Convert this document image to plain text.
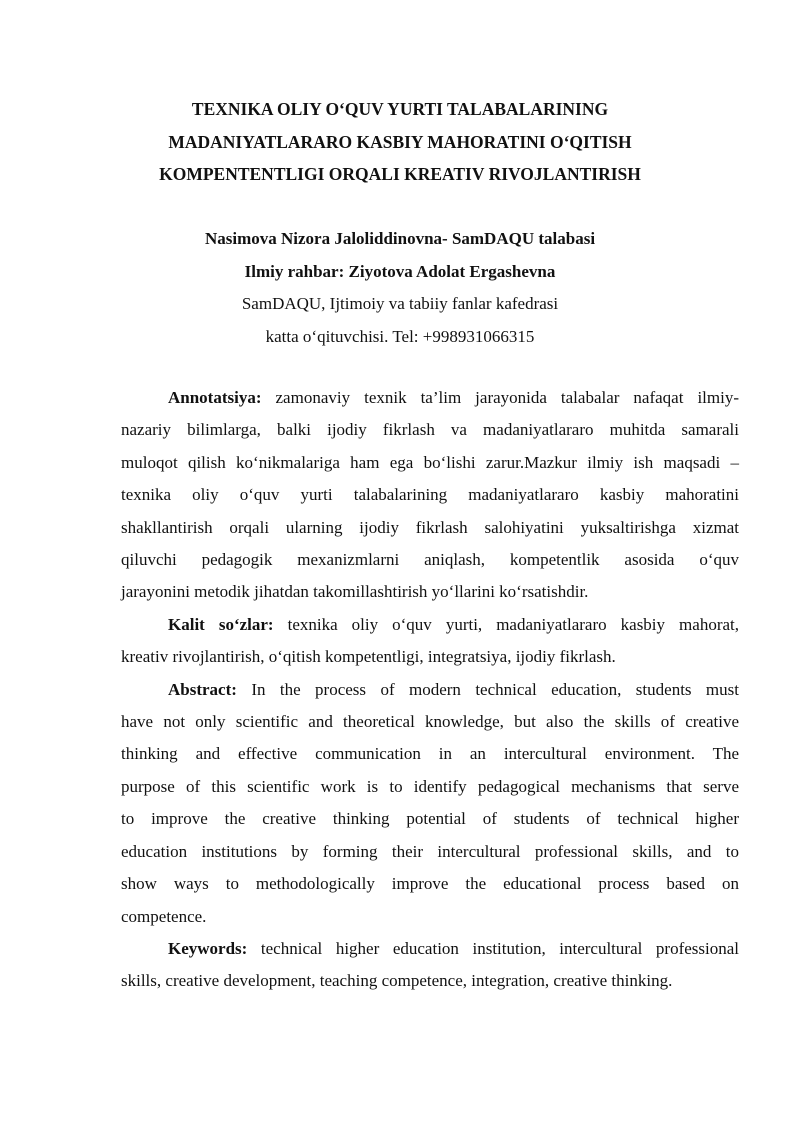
TEXNIKA OLIY O‘QUV YURTI TALABALARINING
MADANIYATLARARO KASBIY MAHORATINI O‘QITISH
KOMPENTENTLIGI ORQALI KREATIV RIVOJLANTIRISH
Nasimova Nizora Jaloliddinovna- SamDAQU talabasi
Ilmiy rahbar: Ziyotova Adolat Ergashevna
SamDAQU, Ijtimoiy va tabiiy fanlar kafedrasi
katta o‘qituvchisi. Tel: +998931066315
Annotatsiya: zamonaviy texnik ta’lim jarayonida talabalar nafaqat ilmiy-
nazariy bilimlarga, balki ijodiy fikrlash va madaniyatlararo muhitda samarali
muloqot qilish ko‘nikmalariga ham ega bo‘lishi zarur.Mazkur ilmiy ish maqsadi –
texnika oliy o‘quv yurti talabalarining madaniyatlararo kasbiy mahoratini
shakllantirish orqali ularning ijodiy fikrlash salohiyatini yuksaltirishga xizmat
qiluvchi pedagogik mexanizmlarni aniqlash, kompetentlik asosida o‘quv
jarayonini metodik jihatdan takomillashtirish yo‘llarini ko‘rsatishdir.
Kalit so‘zlar: texnika oliy o‘quv yurti, madaniyatlararo kasbiy mahorat,
kreativ rivojlantirish, o‘qitish kompetentligi, integratsiya, ijodiy fikrlash.
Abstract: In the process of modern technical education, students must
have not only scientific and theoretical knowledge, but also the skills of creative
thinking and effective communication in an intercultural environment. The
purpose of this scientific work is to identify pedagogical mechanisms that serve
to improve the creative thinking potential of students of technical higher
education institutions by forming their intercultural professional skills, and to
show ways to methodologically improve the educational process based on
competence.
Keywords: technical higher education institution, intercultural professional
skills, creative development, teaching competence, integration, creative thinking.
